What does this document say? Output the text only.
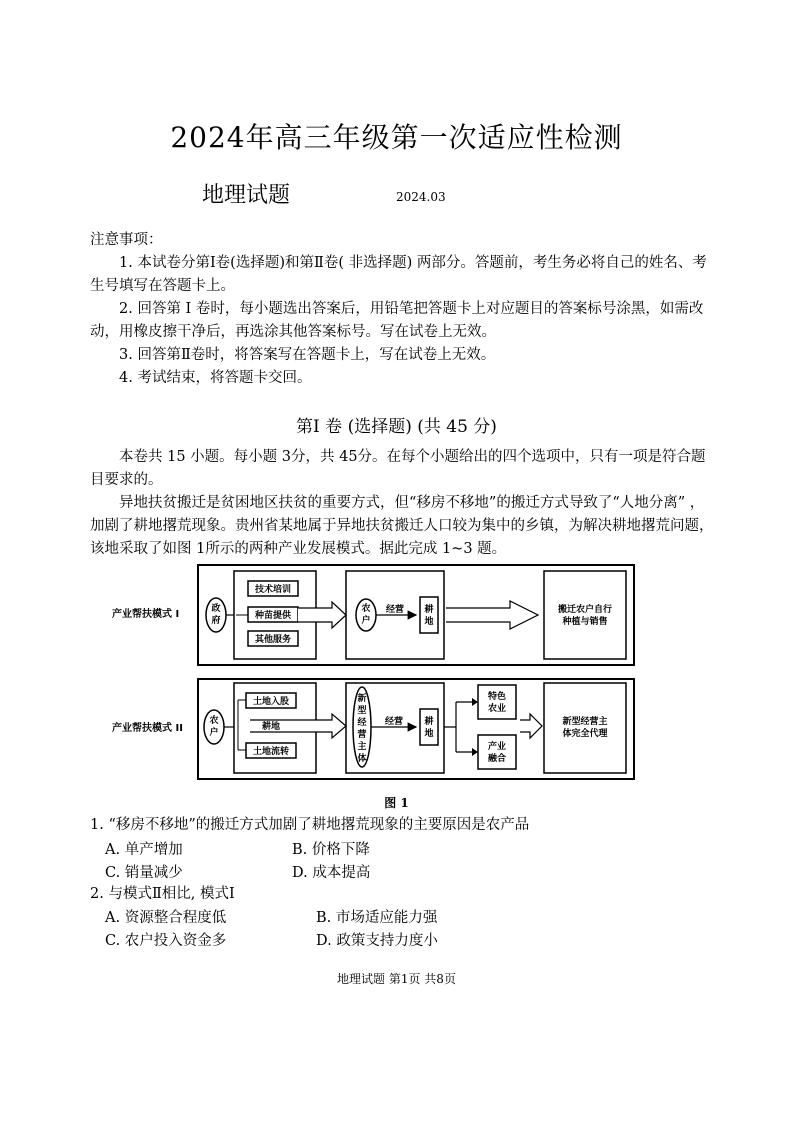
2024年高三年级第一次适应性检测
地理试题	2024.03

注意事项：

1. 本试卷分第Ⅰ卷(选择题)和第Ⅱ卷( 非选择题) 两部分。答题前，考生务必将自己的姓名、考生号填写在答题卡上。

2. 回答第 Ⅰ 卷时，每小题选出答案后，用铅笔把答题卡上对应题目的答案标号涂黑，如需改动，用橡皮擦干净后，再选涂其他答案标号。写在试卷上无效。

3. 回答第Ⅱ卷时，将答案写在答题卡上，写在试卷上无效。

4. 考试结束，将答题卡交回。

第Ⅰ 卷 (选择题) (共 45 分)

本卷共 15 小题。每小题 3分，共 45分。在每个小题给出的四个选项中，只有一项是符合题目要求的。

异地扶贫搬迁是贫困地区扶贫的重要方式，但“移房不移地”的搬迁方式导致了“人地分离” ，加剧了耕地撂荒现象。贵州省某地属于异地扶贫搬迁人口较为集中的乡镇，为解决耕地撂荒问题，该地采取了如图 1所示的两种产业发展模式。据此完成 1~3 题。

产业帮扶模式 I	政
府
技术培训
种苗提供
其他服务
农
户
经营 耕
地
搬迁农户自行
种植与销售
产业帮扶模式 II
农
户
土地入股
土地流转
耕地
新
型
经
营
主
体
经营 耕
地
特色
农业
产业
融合
新型经营主
体完全代理
图 1
1. “移房不移地”的搬迁方式加剧了耕地撂荒现象的主要原因是农产品
A. 单产增加	B. 价格下降
C. 销量减少	D. 成本提高
2. 与模式Ⅱ相比, 模式Ⅰ
A. 资源整合程度低	B. 市场适应能力强
C. 农户投入资金多	D. 政策支持力度小
地理试题 第1页 共8页
